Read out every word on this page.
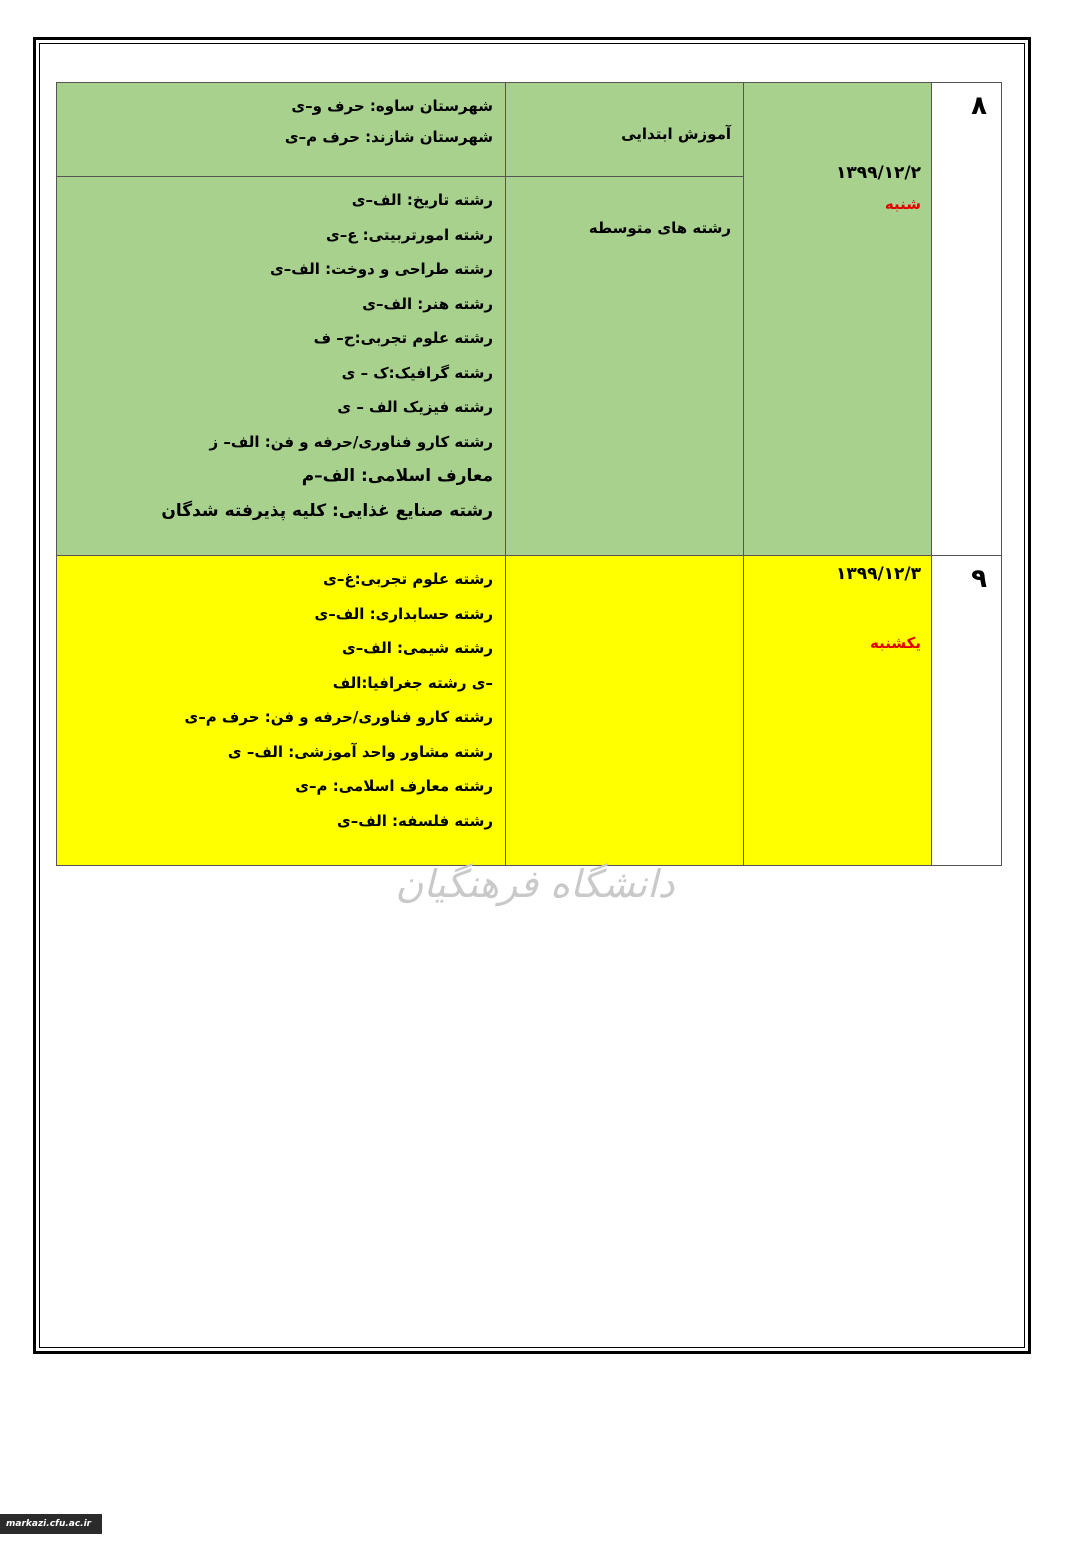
۸
۱۳۹۹/۱۲/۲
شنبه
آموزش ابتدایی
شهرستان ساوه: حرف و–ی
شهرستان شازند: حرف م–ی
رشته های متوسطه
رشته تاریخ: الف–ی
رشته امورتربیتی: ع–ی
رشته طراحی و دوخت: الف–ی
رشته هنر: الف–ی
رشته علوم تجربی:ح– ف
رشته گرافیک:ک – ی
رشته فیزیک الف – ی
رشته کارو فناوری/حرفه و فن: الف– ز
معارف اسلامی: الف–م
رشته صنایع غذایی: کلیه پذیرفته شدگان
۹
۱۳۹۹/۱۲/۳
یکشنبه
رشته علوم تجربی:غ–ی
رشته حسابداری: الف–ی
رشته شیمی: الف–ی
–ی رشته جغرافیا:الف
رشته کارو فناوری/حرفه و فن: حرف م–ی
رشته مشاور واحد آموزشی: الف– ی
رشته معارف اسلامی: م–ی
رشته فلسفه: الف–ی
دانشگاه فرهنگیان
markazi.cfu.ac.ir
